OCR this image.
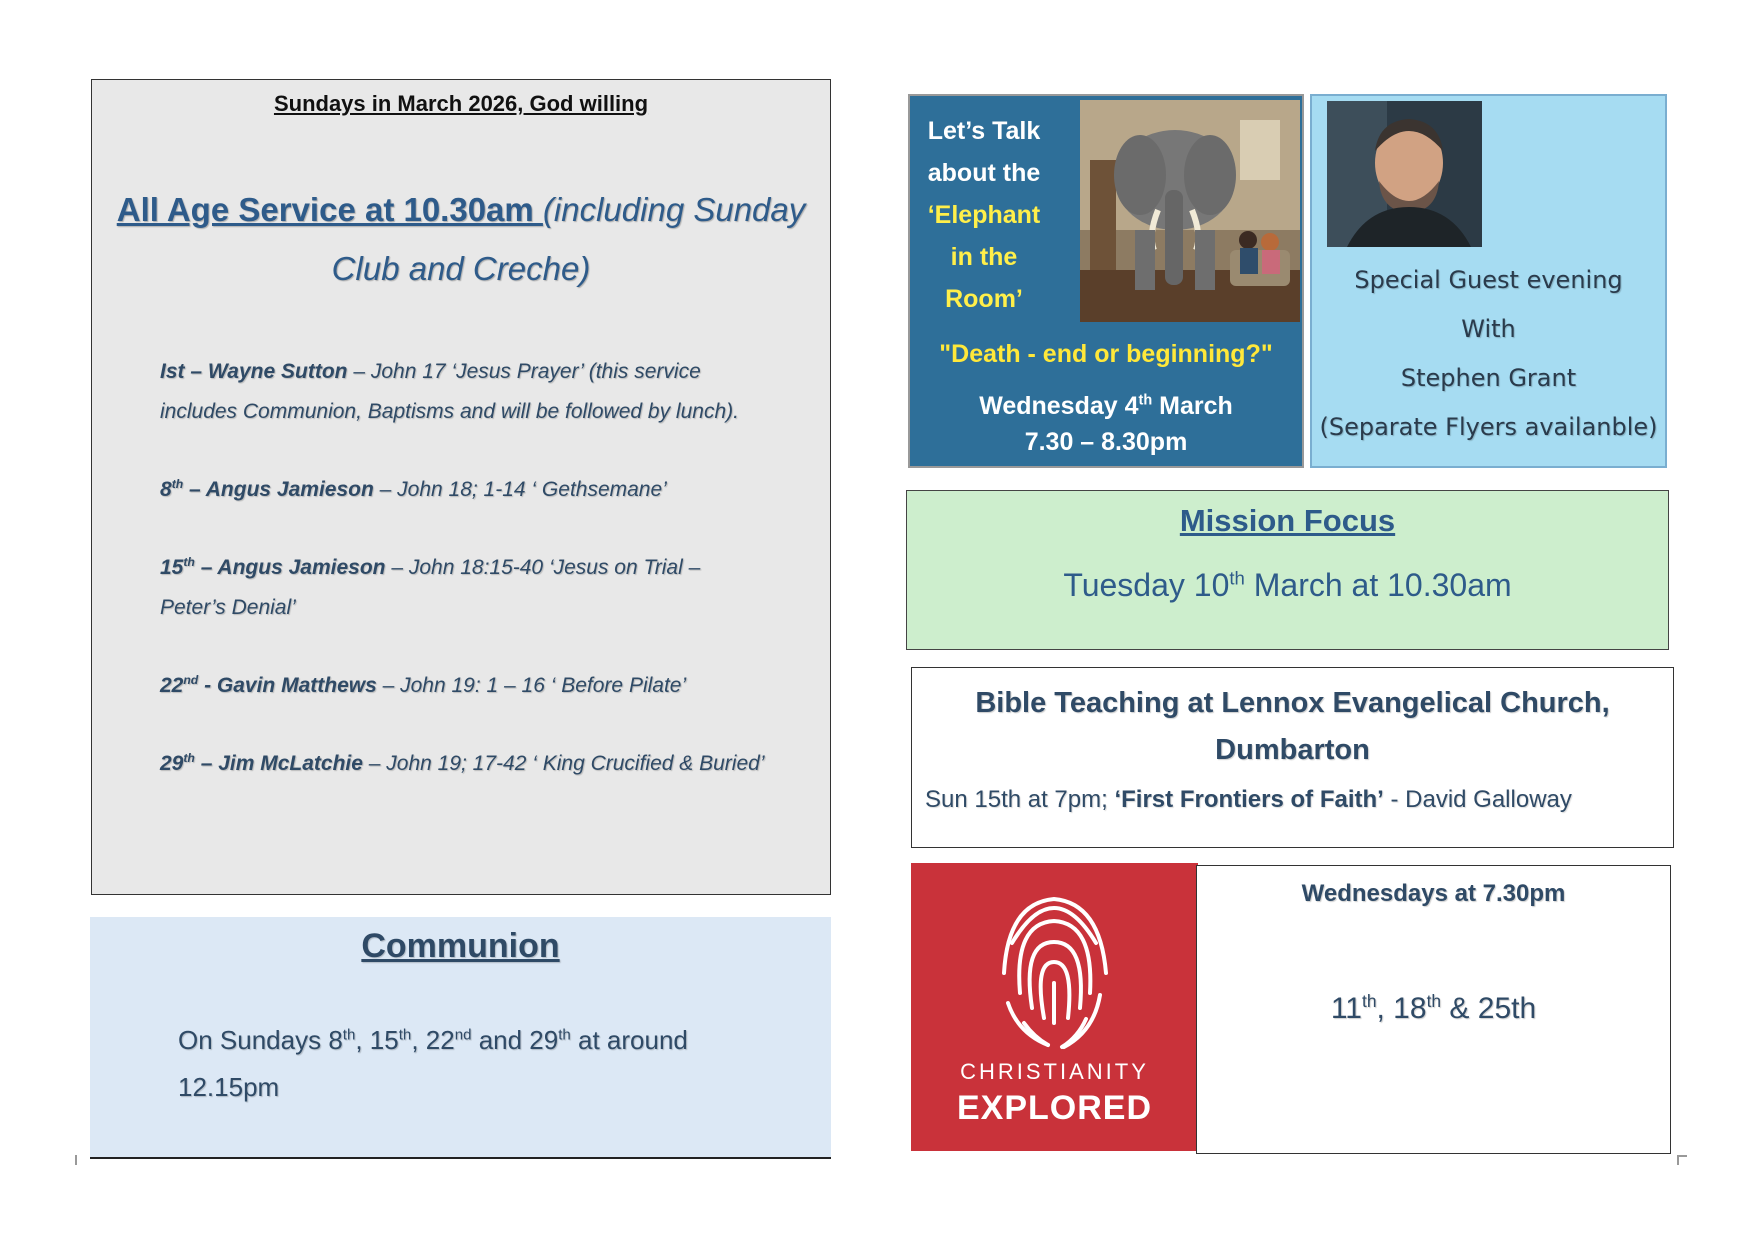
Sundays in March 2026, God willing
All Age Service at 10.30am (including Sunday Club and Creche)
Ist – Wayne Sutton – John 17 ‘Jesus Prayer’ (this service includes Communion, Baptisms and will be followed by lunch).
8th – Angus Jamieson – John 18; 1-14 ‘ Gethsemane’
15th – Angus Jamieson – John 18:15-40 ‘Jesus on Trial – Peter’s Denial’
22nd - Gavin Matthews – John 19: 1 – 16 ‘ Before Pilate’
29th – Jim McLatchie – John 19; 17-42 ‘ King Crucified & Buried’
Communion
On Sundays 8th, 15th, 22nd and 29th at around 12.15pm
Let’s Talk
about the
‘Elephant
in the
Room’
"Death - end or beginning?"
Wednesday 4th March
7.30 – 8.30pm
Special Guest evening
With
Stephen Grant
(Separate Flyers availanble)
Mission Focus
Tuesday 10th March at 10.30am
Bible Teaching at Lennox Evangelical Church, Dumbarton
Sun 15th at 7pm; ‘First Frontiers of Faith’ - David Galloway
CHRISTIANITY
EXPLORED
Wednesdays at 7.30pm
11th, 18th & 25th
